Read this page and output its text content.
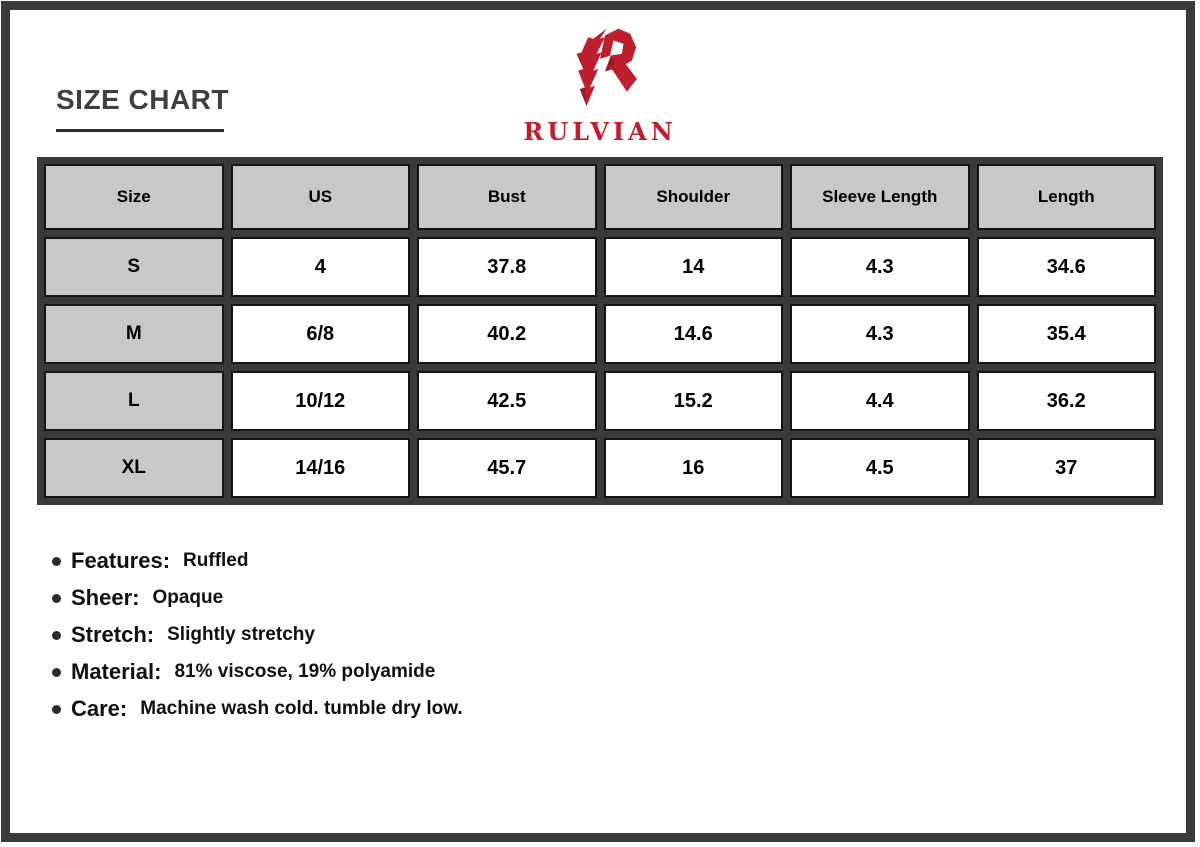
SIZE CHART
RULVIAN
Size	US	Bust	Shoulder	Sleeve Length	Length
S	4	37.8	14	4.3	34.6
M	6/8	40.2	14.6	4.3	35.4
L	10/12	42.5	15.2	4.4	36.2
XL	14/16	45.7	16	4.5	37
Features: Ruffled
Sheer: Opaque
Stretch: Slightly stretchy
Material: 81% viscose, 19% polyamide
Care: Machine wash cold. tumble dry low.
